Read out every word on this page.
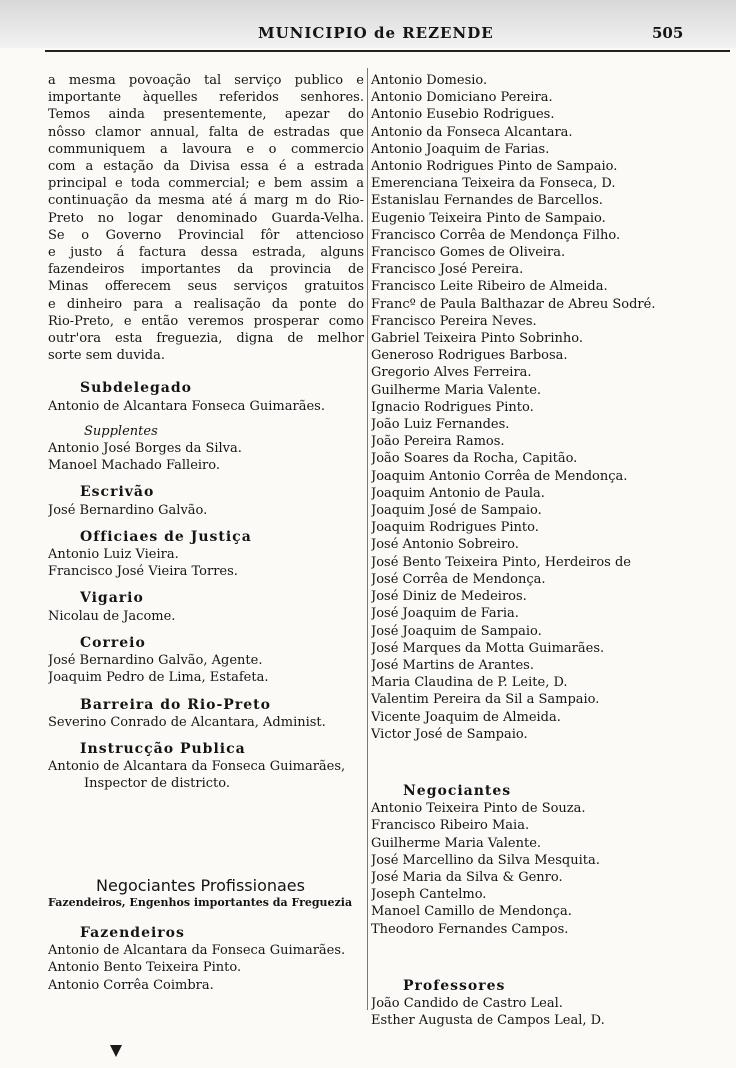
MUNICIPIO de REZENDE	505
a mesma povoação tal serviço publico e
importante àquelles referidos senhores.
Temos ainda presentemente, apezar do
nôsso clamor annual, falta de estradas que
communiquem a lavoura e o commercio
com a estação da Divisa essa é a estrada
principal e toda commercial; e bem assim a
continuação da mesma até á marg m do Rio-
Preto no logar denominado Guarda-Velha.
Se o Governo Provincial fôr attencioso
e justo á factura dessa estrada, alguns
fazendeiros importantes da provincia de
Minas offerecem seus serviços gratuitos
e dinheiro para a realisação da ponte do
Rio-Preto, e então veremos prosperar como
outr'ora esta freguezia, digna de melhor
sorte sem duvida.
Subdelegado
Antonio de Alcantara Fonseca Guimarães.
Supplentes
Antonio José Borges da Silva.
Manoel Machado Falleiro.
Escrivão
José Bernardino Galvão.
Officiaes de Justiça
Antonio Luiz Vieira.
Francisco José Vieira Torres.
Vigario
Nicolau de Jacome.
Correio
José Bernardino Galvão, Agente.
Joaquim Pedro de Lima, Estafeta.
Barreira do Rio-Preto
Severino Conrado de Alcantara, Administ.
Instrucção Publica
Antonio de Alcantara da Fonseca Guimarães,
Inspector de districto.
Negociantes Profissionaes
Fazendeiros, Engenhos importantes da Freguezia
Fazendeiros
Antonio de Alcantara da Fonseca Guimarães.
Antonio Bento Teixeira Pinto.
Antonio Corrêa Coimbra.
Antonio Domesio.
Antonio Domiciano Pereira.
Antonio Eusebio Rodrigues.
Antonio da Fonseca Alcantara.
Antonio Joaquim de Farias.
Antonio Rodrigues Pinto de Sampaio.
Emerenciana Teixeira da Fonseca, D.
Estanislau Fernandes de Barcellos.
Eugenio Teixeira Pinto de Sampaio.
Francisco Corrêa de Mendonça Filho.
Francisco Gomes de Oliveira.
Francisco José Pereira.
Francisco Leite Ribeiro de Almeida.
Francº de Paula Balthazar de Abreu Sodré.
Francisco Pereira Neves.
Gabriel Teixeira Pinto Sobrinho.
Generoso Rodrigues Barbosa.
Gregorio Alves Ferreira.
Guilherme Maria Valente.
Ignacio Rodrigues Pinto.
João Luiz Fernandes.
João Pereira Ramos.
João Soares da Rocha, Capitão.
Joaquim Antonio Corrêa de Mendonça.
Joaquim Antonio de Paula.
Joaquim José de Sampaio.
Joaquim Rodrigues Pinto.
José Antonio Sobreiro.
José Bento Teixeira Pinto, Herdeiros de
José Corrêa de Mendonça.
José Diniz de Medeiros.
José Joaquim de Faria.
José Joaquim de Sampaio.
José Marques da Motta Guimarães.
José Martins de Arantes.
Maria Claudina de P. Leite, D.
Valentim Pereira da Sil a Sampaio.
Vicente Joaquim de Almeida.
Victor José de Sampaio.
Negociantes
Antonio Teixeira Pinto de Souza.
Francisco Ribeiro Maia.
Guilherme Maria Valente.
José Marcellino da Silva Mesquita.
José Maria da Silva & Genro.
Joseph Cantelmo.
Manoel Camillo de Mendonça.
Theodoro Fernandes Campos.
Professores
João Candido de Castro Leal.
Esther Augusta de Campos Leal, D.
